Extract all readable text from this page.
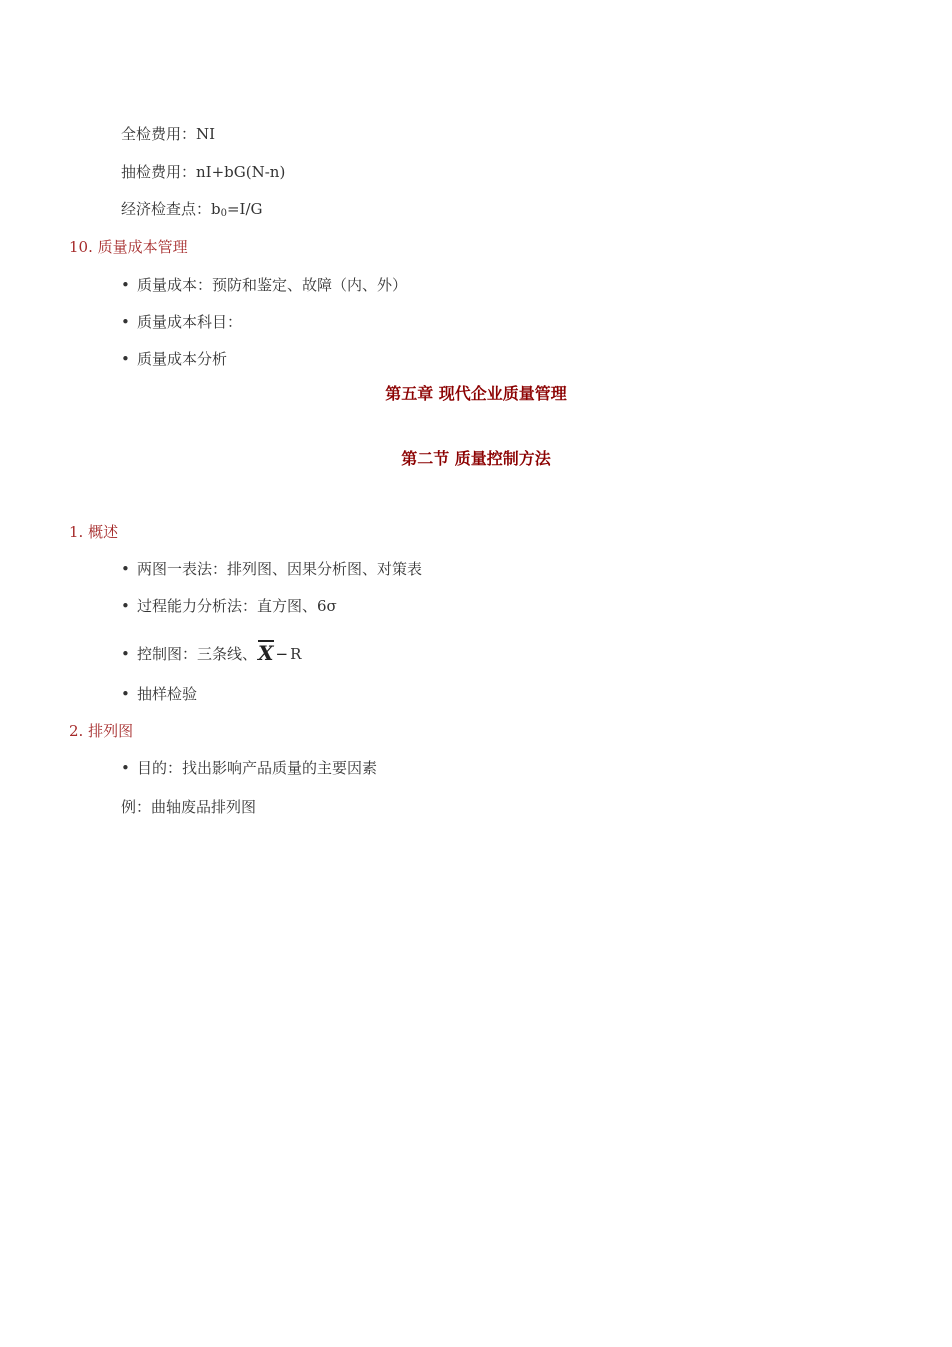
全检费用：NI
抽检费用：nI+bG(N-n)
经济检查点：$b_0=I/G$
10. 质量成本管理
• 质量成本：预防和鉴定、故障（内、外）
• 质量成本科目：
• 质量成本分析
第五章 现代企业质量管理
第二节 质量控制方法
1. 概述
• 两图一表法：排列图、因果分析图、对策表
• 过程能力分析法：直方图、6σ
• 控制图：三条线、X − R
• 抽样检验
2. 排列图
• 目的：找出影响产品质量的主要因素
例：曲轴废品排列图
